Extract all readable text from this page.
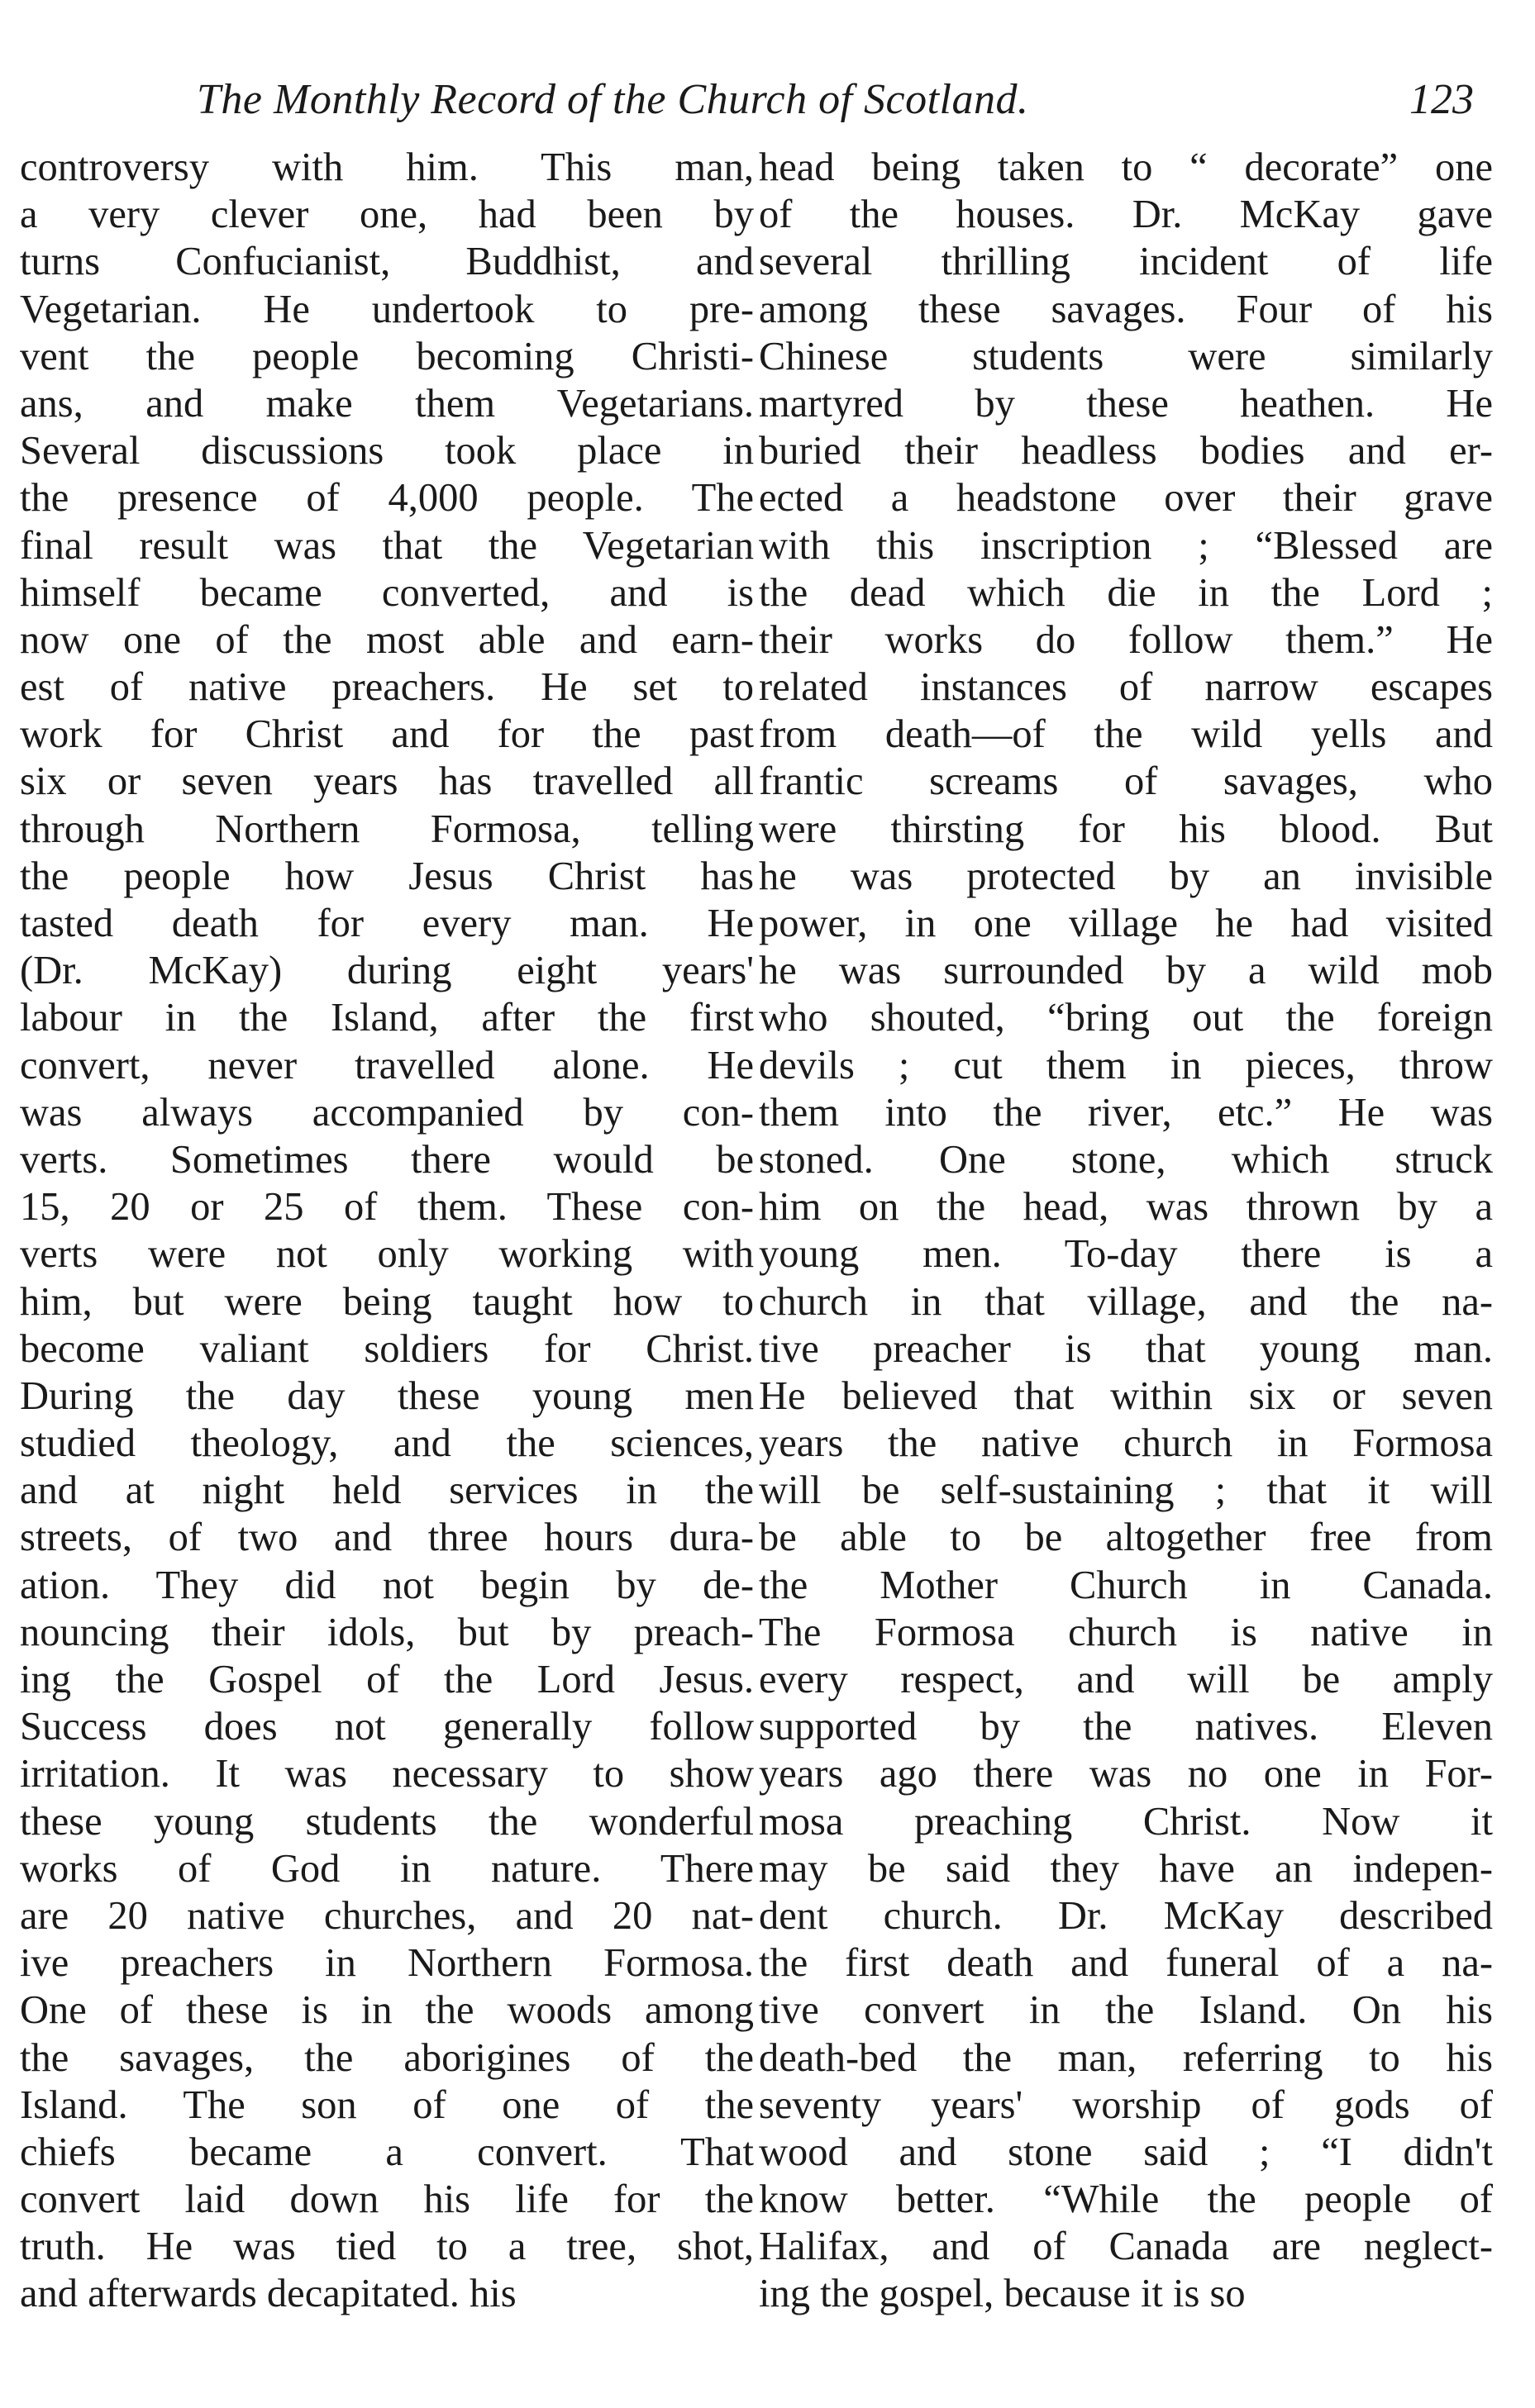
The Monthly Record of the Church of Scotland.	123
controversy with him. This man,
a very clever one, had been by
turns Confucianist, Buddhist, and
Vegetarian. He undertook to pre-
vent the people becoming Christi-
ans, and make them Vegetarians.
Several discussions took place in
the presence of 4,000 people. The
final result was that the Vegetarian
himself became converted, and is
now one of the most able and earn-
est of native preachers. He set to
work for Christ and for the past
six or seven years has travelled all
through Northern Formosa, telling
the people how Jesus Christ has
tasted death for every man. He
(Dr. McKay) during eight years'
labour in the Island, after the first
convert, never travelled alone. He
was always accompanied by con-
verts. Sometimes there would be
15, 20 or 25 of them. These con-
verts were not only working with
him, but were being taught how to
become valiant soldiers for Christ.
During the day these young men
studied theology, and the sciences,
and at night held services in the
streets, of two and three hours dura-
ation. They did not begin by de-
nouncing their idols, but by preach-
ing the Gospel of the Lord Jesus.
Success does not generally follow
irritation. It was necessary to show
these young students the wonderful
works of God in nature. There
are 20 native churches, and 20 nat-
ive preachers in Northern Formosa.
One of these is in the woods among
the savages, the aborigines of the
Island. The son of one of the
chiefs became a convert. That
convert laid down his life for the
truth. He was tied to a tree, shot,
and afterwards decapitated. his
head being taken to “ decorate” one
of the houses. Dr. McKay gave
several thrilling incident of life
among these savages. Four of his
Chinese students were similarly
martyred by these heathen. He
buried their headless bodies and er-
ected a headstone over their grave
with this inscription ; “Blessed are
the dead which die in the Lord ;
their works do follow them.” He
related instances of narrow escapes
from death—of the wild yells and
frantic screams of savages, who
were thirsting for his blood. But
he was protected by an invisible
power, in one village he had visited
he was surrounded by a wild mob
who shouted, “bring out the foreign
devils ; cut them in pieces, throw
them into the river, etc.” He was
stoned. One stone, which struck
him on the head, was thrown by a
young men. To-day there is a
church in that village, and the na-
tive preacher is that young man.
He believed that within six or seven
years the native church in Formosa
will be self-sustaining ; that it will
be able to be altogether free from
the Mother Church in Canada.
The Formosa church is native in
every respect, and will be amply
supported by the natives. Eleven
years ago there was no one in For-
mosa preaching Christ. Now it
may be said they have an indepen-
dent church. Dr. McKay described
the first death and funeral of a na-
tive convert in the Island. On his
death-bed the man, referring to his
seventy years' worship of gods of
wood and stone said ; “I didn't
know better. “While the people of
Halifax, and of Canada are neglect-
ing the gospel, because it is so
